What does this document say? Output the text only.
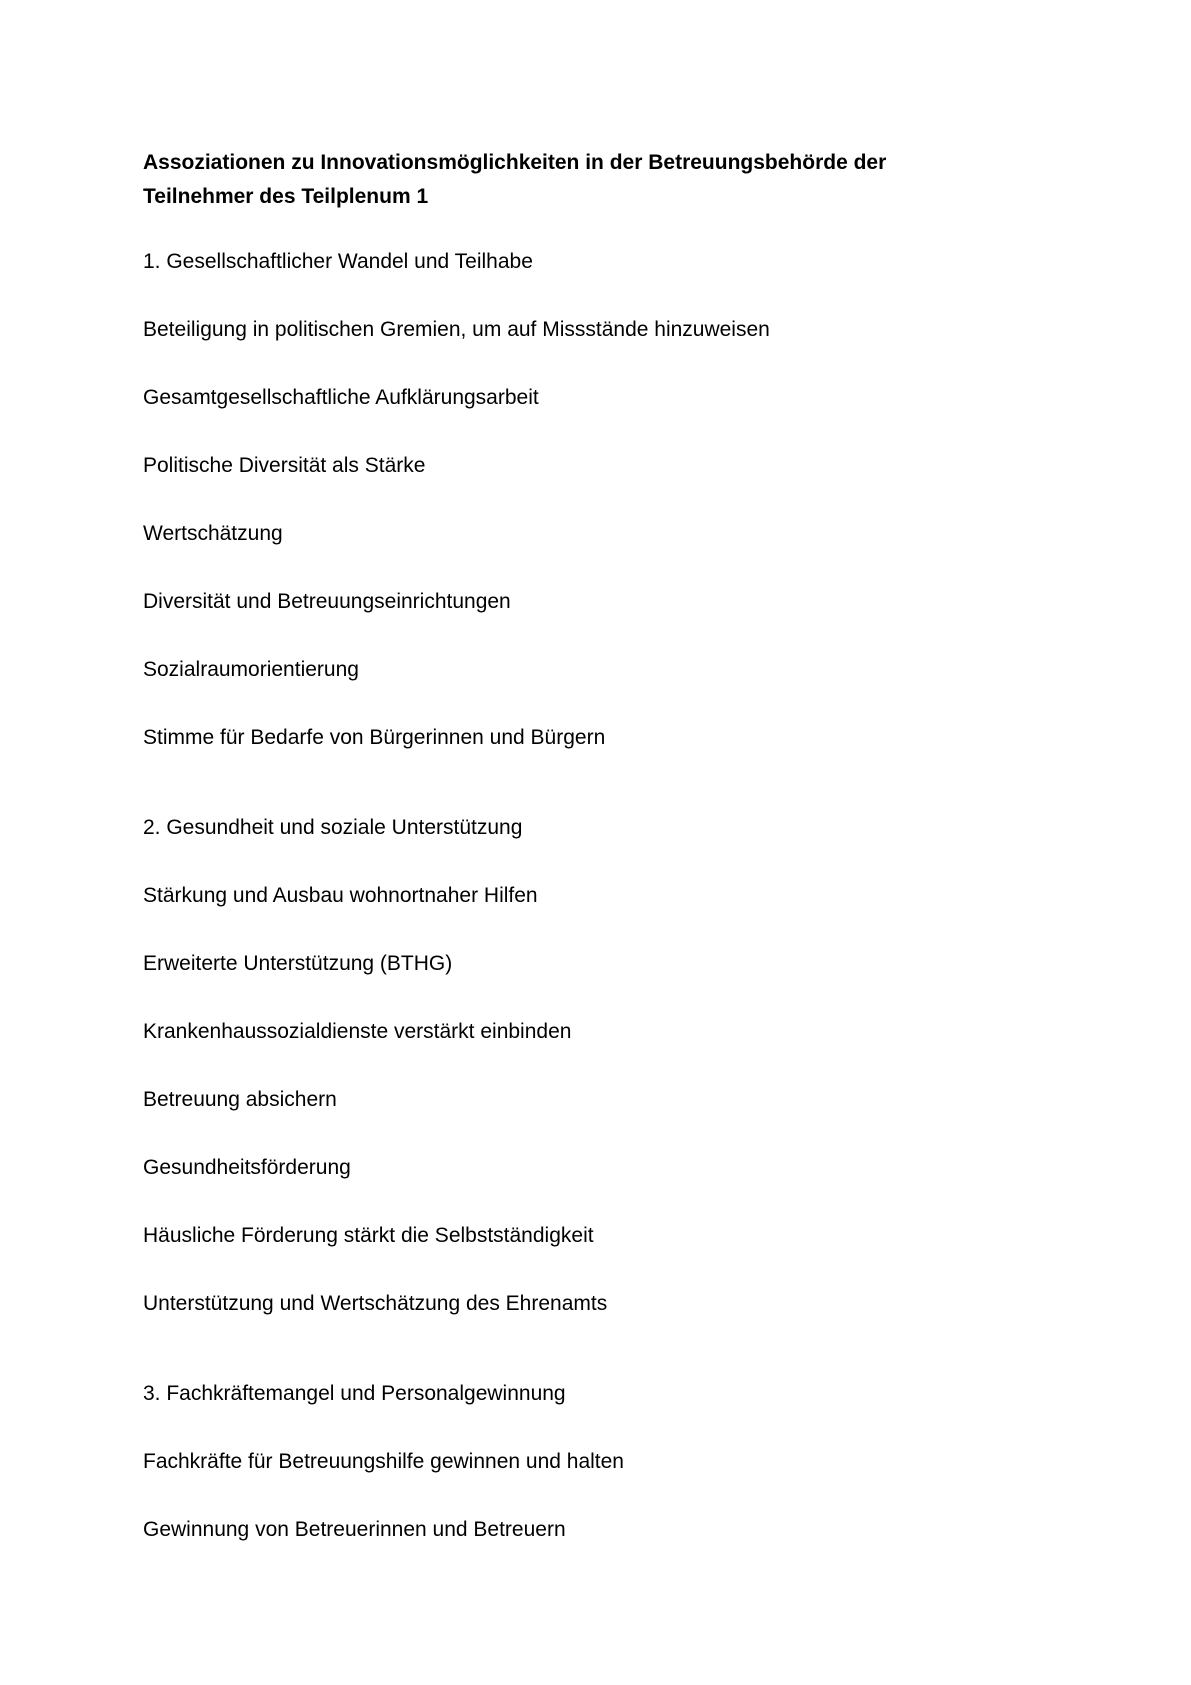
Assoziationen zu Innovationsmöglichkeiten in der Betreuungsbehörde der
Teilnehmer des Teilplenum 1

1. Gesellschaftlicher Wandel und Teilhabe

Beteiligung in politischen Gremien, um auf Missstände hinzuweisen

Gesamtgesellschaftliche Aufklärungsarbeit

Politische Diversität als Stärke

Wertschätzung

Diversität und Betreuungseinrichtungen

Sozialraumorientierung

Stimme für Bedarfe von Bürgerinnen und Bürgern

2. Gesundheit und soziale Unterstützung

Stärkung und Ausbau wohnortnaher Hilfen

Erweiterte Unterstützung (BTHG)

Krankenhaussozialdienste verstärkt einbinden

Betreuung absichern

Gesundheitsförderung

Häusliche Förderung stärkt die Selbstständigkeit

Unterstützung und Wertschätzung des Ehrenamts

3. Fachkräftemangel und Personalgewinnung

Fachkräfte für Betreuungshilfe gewinnen und halten

Gewinnung von Betreuerinnen und Betreuern
